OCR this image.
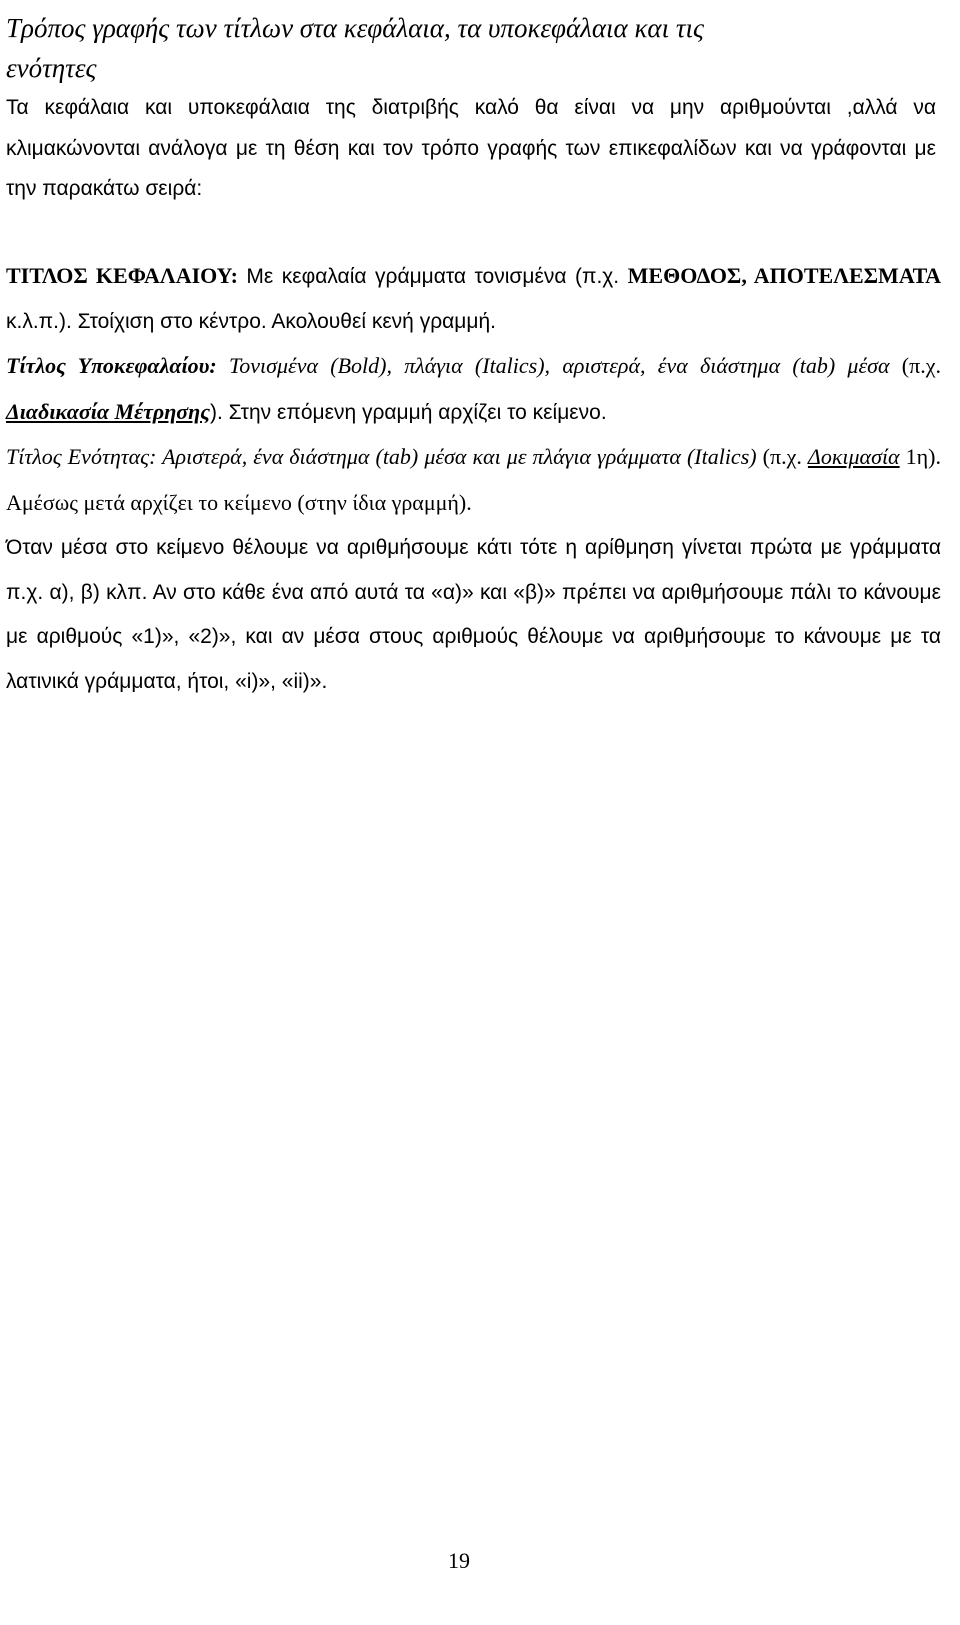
Τρόπος γραφής των τίτλων στα κεφάλαια, τα υποκεφάλαια και τις
ενότητες

Τα κεφάλαια και υποκεφάλαια της διατριβής καλό θα είναι να μην αριθμούνται ,αλλά να κλιμακώνονται ανάλογα με τη θέση και τον τρόπο γραφής των επικεφαλίδων και να γράφονται με την παρακάτω σειρά:

ΤΙΤΛΟΣ ΚΕΦΑΛΑΙΟΥ: Με κεφαλαία γράμματα τονισμένα (π.χ. ΜΕΘΟΔΟΣ, ΑΠΟΤΕΛΕΣΜΑΤΑ κ.λ.π.). Στοίχιση στο κέντρο. Ακολουθεί κενή γραμμή.

Τίτλος Υποκεφαλαίου: Τονισμένα (Bold), πλάγια (Italics), αριστερά, ένα διάστημα (tab) μέσα (π.χ. Διαδικασία Μέτρησης). Στην επόμενη γραμμή αρχίζει το κείμενο.

Τίτλος Ενότητας: Αριστερά, ένα διάστημα (tab) μέσα και με πλάγια γράμματα (Italics) (π.χ. Δοκιμασία 1η). Αμέσως μετά αρχίζει το κείμενο (στην ίδια γραμμή).

Όταν μέσα στο κείμενο θέλουμε να αριθμήσουμε κάτι τότε η αρίθμηση γίνεται πρώτα με γράμματα π.χ. α), β) κλπ. Αν στο κάθε ένα από αυτά τα «α)» και «β)» πρέπει να αριθμήσουμε πάλι το κάνουμε με αριθμούς «1)», «2)», και αν μέσα στους αριθμούς θέλουμε να αριθμήσουμε το κάνουμε με τα λατινικά γράμματα, ήτοι, «i)», «ii)».

19
